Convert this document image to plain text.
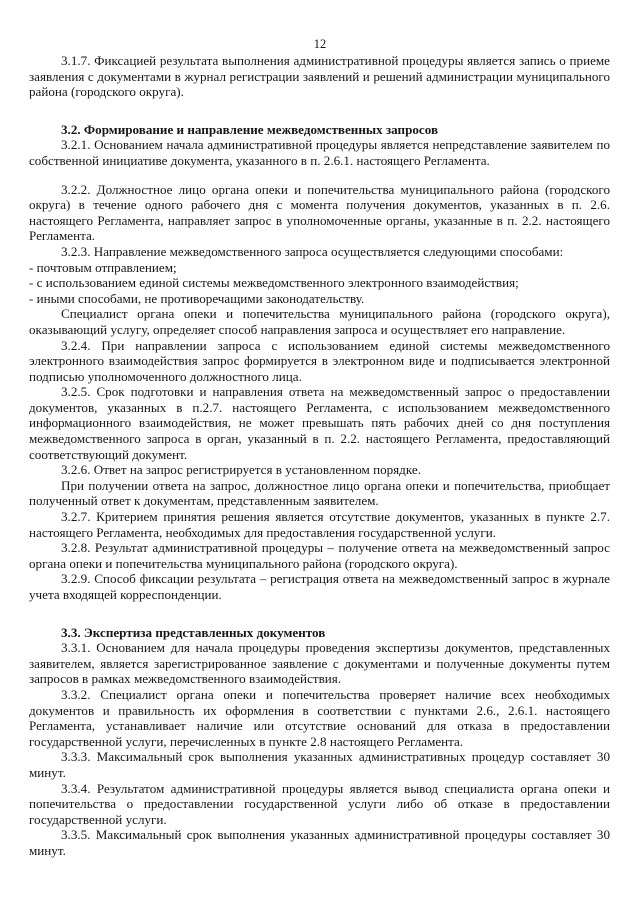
12

3.1.7. Фиксацией результата выполнения административной процедуры является запись о приеме заявления с документами в журнал регистрации заявлений и решений администрации муниципального района (городского округа).

3.2. Формирование и направление межведомственных запросов

3.2.1. Основанием начала административной процедуры является непредставление заявителем по собственной инициативе документа, указанного в п. 2.6.1. настоящего Регламента.

3.2.2. Должностное лицо органа опеки и попечительства муниципального района (городского округа) в течение одного рабочего дня с момента получения документов, указанных в п. 2.6. настоящего Регламента, направляет запрос в уполномоченные органы, указанные в п. 2.2. настоящего Регламента.

3.2.3. Направление межведомственного запроса осуществляется следующими способами:

- почтовым отправлением;

- с использованием единой системы межведомственного электронного взаимодействия;

- иными способами, не противоречащими законодательству.

Специалист органа опеки и попечительства муниципального района (городского округа), оказывающий услугу, определяет способ направления запроса и осуществляет его направление.

3.2.4. При направлении запроса с использованием единой системы межведомственного электронного взаимодействия запрос формируется в электронном виде и подписывается электронной подписью уполномоченного должностного лица.

3.2.5. Срок подготовки и направления ответа на межведомственный запрос о предоставлении документов, указанных в п.2.7. настоящего Регламента, с использованием межведомственного информационного взаимодействия, не может превышать пять рабочих дней со дня поступления межведомственного запроса в орган, указанный в п. 2.2. настоящего Регламента, предоставляющий соответствующий документ.

3.2.6. Ответ на запрос регистрируется в установленном порядке.

При получении ответа на запрос, должностное лицо органа опеки и попечительства, приобщает полученный ответ к документам, представленным заявителем.

3.2.7. Критерием принятия решения является отсутствие документов, указанных в пункте 2.7. настоящего Регламента, необходимых для предоставления государственной услуги.

3.2.8. Результат административной процедуры – получение ответа на межведомственный запрос органа опеки и попечительства муниципального района (городского округа).

3.2.9. Способ фиксации результата – регистрация ответа на межведомственный запрос в журнале учета входящей корреспонденции.

3.3. Экспертиза представленных документов

3.3.1. Основанием для начала процедуры проведения экспертизы документов, представленных заявителем, является зарегистрированное заявление с документами и полученные документы путем запросов в рамках межведомственного взаимодействия.

3.3.2. Специалист органа опеки и попечительства проверяет наличие всех необходимых документов и правильность их оформления в соответствии с пунктами 2.6., 2.6.1. настоящего Регламента, устанавливает наличие или отсутствие оснований для отказа в предоставлении государственной услуги, перечисленных в пункте 2.8 настоящего Регламента.

3.3.3. Максимальный срок выполнения указанных административных процедур составляет 30 минут.

3.3.4. Результатом административной процедуры является вывод специалиста органа опеки и попечительства о предоставлении государственной услуги либо об отказе в предоставлении государственной услуги.

3.3.5. Максимальный срок выполнения указанных административной процедуры составляет 30 минут.
